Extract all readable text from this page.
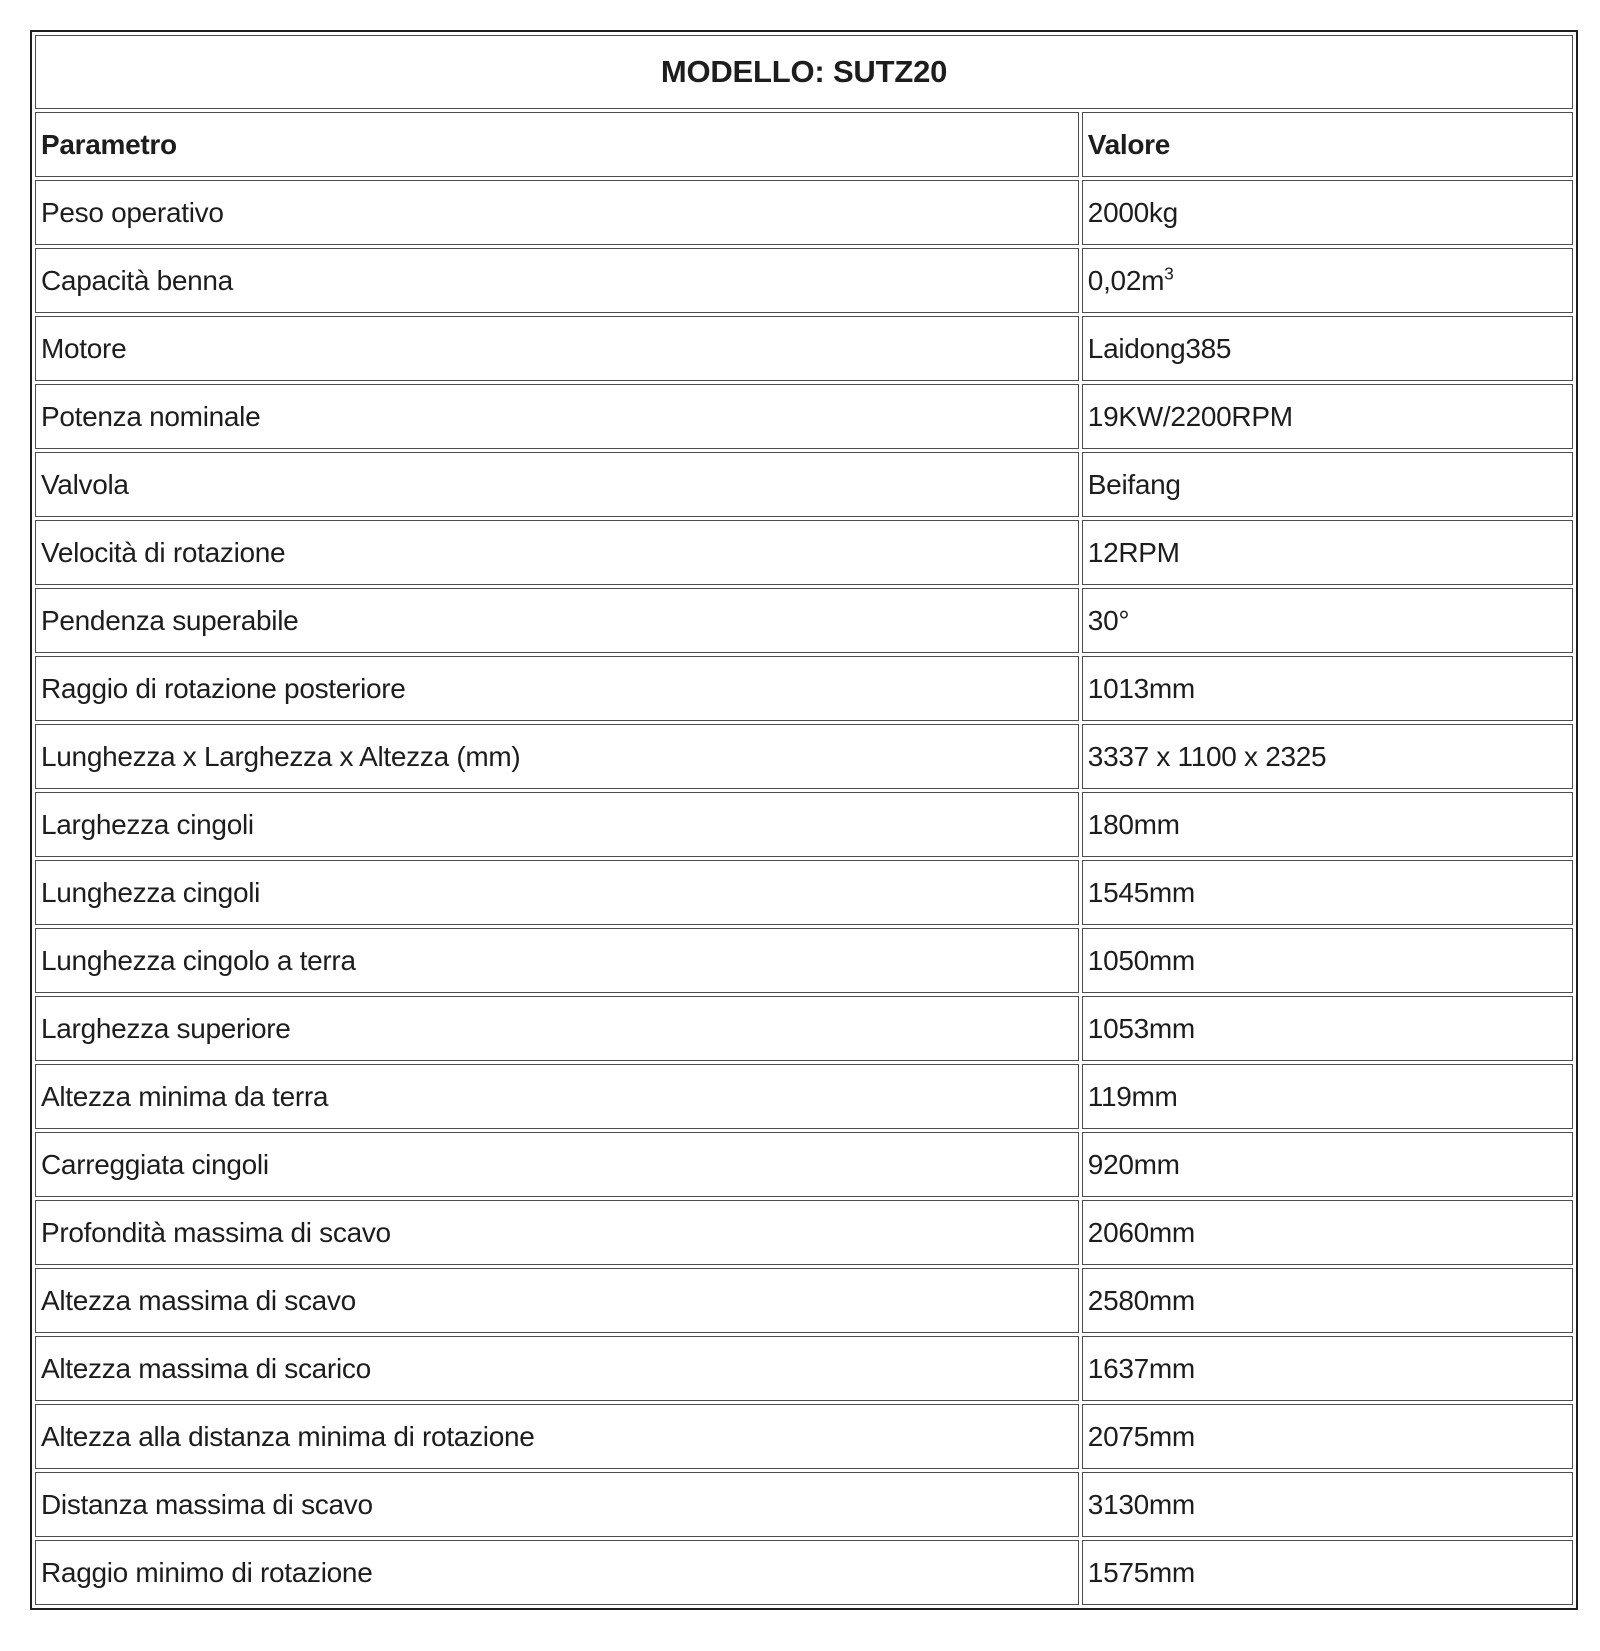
MODELLO: SUTZ20	
Parametro	Valore
Peso operativo	2000kg
Capacità benna	$0,02m^3$
Motore	Laidong385
Potenza nominale	19KW/2200RPM
Valvola	Beifang
Velocità di rotazione	12RPM
Pendenza superabile	30°
Raggio di rotazione posteriore	1013mm
Lunghezza x Larghezza x Altezza (mm)	3337 x 1100 x 2325
Larghezza cingoli	180mm
Lunghezza cingoli	1545mm
Lunghezza cingolo a terra	1050mm
Larghezza superiore	1053mm
Altezza minima da terra	119mm
Carreggiata cingoli	920mm
Profondità massima di scavo	2060mm
Altezza massima di scavo	2580mm
Altezza massima di scarico	1637mm
Altezza alla distanza minima di rotazione	2075mm
Distanza massima di scavo	3130mm
Raggio minimo di rotazione	1575mm
